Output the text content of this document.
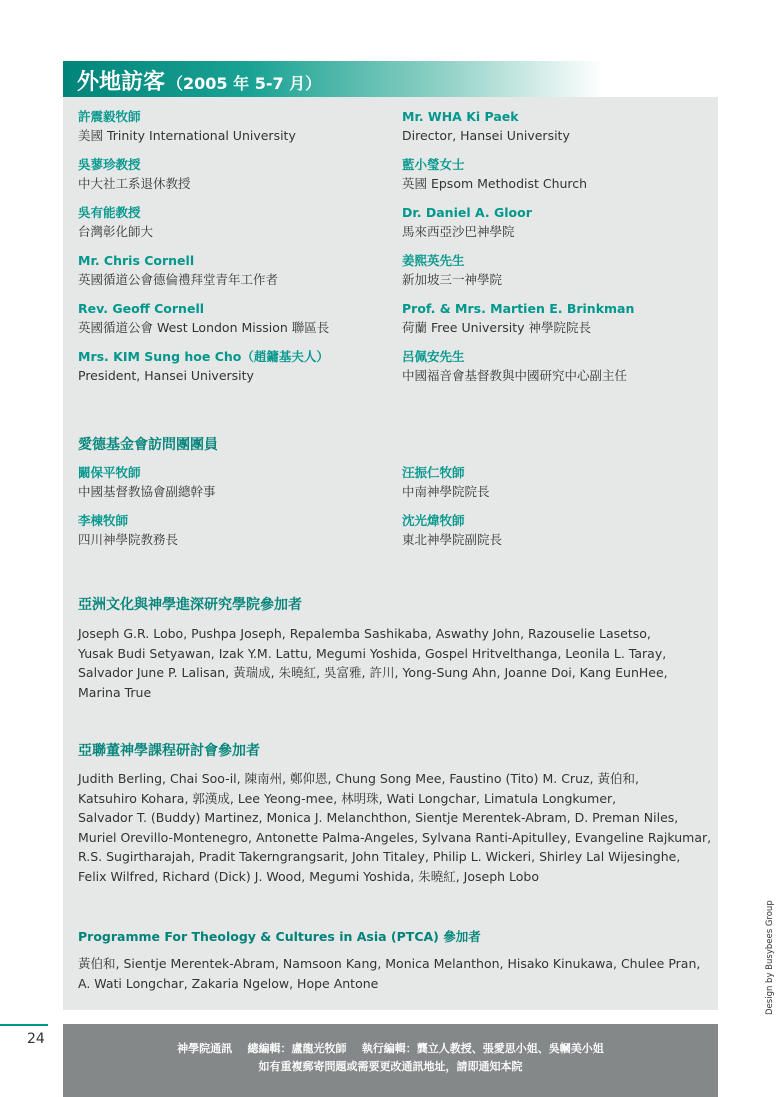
外地訪客 （2005 年 5-7 月）
許震毅牧師
美國 Trinity International University
吳蓼珍教授
中大社工系退休教授
吳有能教授
台灣彰化師大
Mr. Chris Cornell
英國循道公會德倫禮拜堂青年工作者
Rev. Geoff Cornell
英國循道公會 West London Mission 聯區長
Mrs. KIM Sung hoe Cho（趙鏞基夫人）
President, Hansei University
Mr. WHA Ki Paek
Director, Hansei University
藍小瑩女士
英國 Epsom Methodist Church
Dr. Daniel A. Gloor
馬來西亞沙巴神學院
姜熙英先生
新加坡三一神學院
Prof. & Mrs. Martien E. Brinkman
荷蘭 Free University 神學院院長
呂佩安先生
中國福音會基督教與中國研究中心副主任
愛德基金會訪問團團員
闞保平牧師
中國基督教協會副總幹事
李棟牧師
四川神學院教務長
汪振仁牧師
中南神學院院長
沈光煒牧師
東北神學院副院長
亞洲文化與神學進深研究學院參加者

Joseph G.R. Lobo, Pushpa Joseph, Repalemba Sashikaba, Aswathy John, Razouselie Lasetso,

Yusak Budi Setyawan, Izak Y.M. Lattu, Megumi Yoshida, Gospel Hritvelthanga, Leonila L. Taray,

Salvador June P. Lalisan, 黃瑞成, 朱曉紅, 吳富雅, 許川, Yong-Sung Ahn, Joanne Doi, Kang EunHee,

Marina True

亞聯董神學課程研討會參加者

Judith Berling, Chai Soo-il, 陳南州, 鄭仰恩, Chung Song Mee, Faustino (Tito) M. Cruz, 黃伯和,

Katsuhiro Kohara, 郭漢成, Lee Yeong-mee, 林明珠, Wati Longchar, Limatula Longkumer,

Salvador T. (Buddy) Martinez, Monica J. Melanchthon, Sientje Merentek-Abram, D. Preman Niles,

Muriel Orevillo-Montenegro, Antonette Palma-Angeles, Sylvana Ranti-Apitulley, Evangeline Rajkumar,

R.S. Sugirtharajah, Pradit Takerngrangsarit, John Titaley, Philip L. Wickeri, Shirley Lal Wijesinghe,

Felix Wilfred, Richard (Dick) J. Wood, Megumi Yoshida, 朱曉紅, Joseph Lobo

Programme For Theology & Cultures in Asia (PTCA) 參加者

黃伯和, Sientje Merentek-Abram, Namsoon Kang, Monica Melanthon, Hisako Kinukawa, Chulee Pran,

A. Wati Longchar, Zakaria Ngelow, Hope Antone

24
神學院通訊    總編輯：盧龍光牧師    執行編輯：龔立人教授、張愛思小姐、吳幗美小姐
如有重複郵寄問題或需要更改通訊地址，請即通知本院
Design by Busybees Group
